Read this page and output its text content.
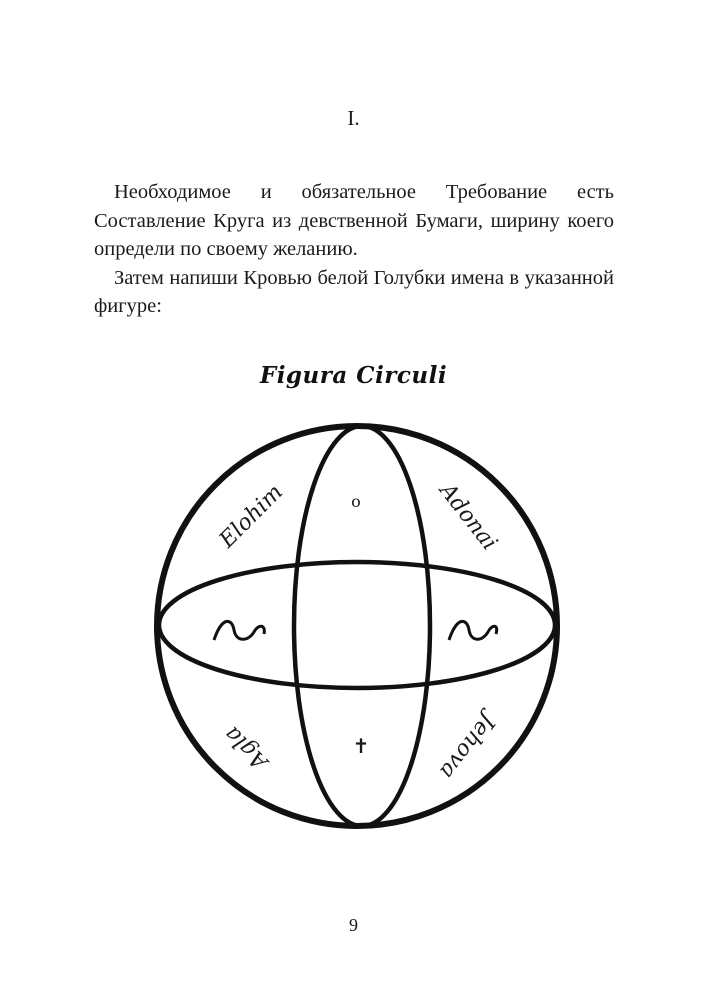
I.

Необходимое и обязательное Требование есть Составление Круга из девственной Бумаги, ширину коего определи по своему желанию.

Затем напиши Кровью белой Голубки имена в указанной фигуре:

Figura Circuli
Elohim	Adonai
Agla	Jehova
o
✝
9
